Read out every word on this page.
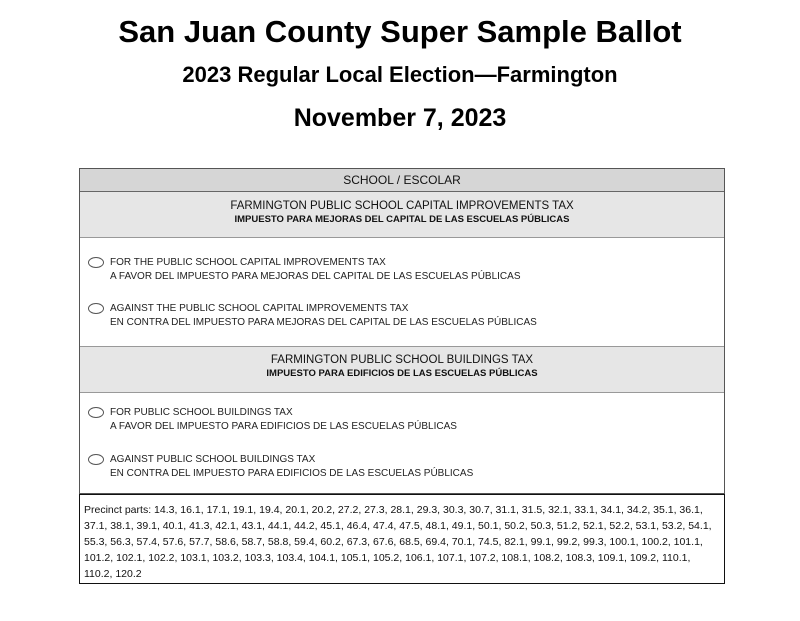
San Juan County Super Sample Ballot
2023 Regular Local Election—Farmington
November 7, 2023
SCHOOL / ESCOLAR
FARMINGTON PUBLIC SCHOOL CAPITAL IMPROVEMENTS TAX
IMPUESTO PARA MEJORAS DEL CAPITAL DE LAS ESCUELAS PÚBLICAS
FOR THE PUBLIC SCHOOL CAPITAL IMPROVEMENTS TAX
A FAVOR DEL IMPUESTO PARA MEJORAS DEL CAPITAL DE LAS ESCUELAS PÚBLICAS
AGAINST THE PUBLIC SCHOOL CAPITAL IMPROVEMENTS TAX
EN CONTRA DEL IMPUESTO PARA MEJORAS DEL CAPITAL DE LAS ESCUELAS PÚBLICAS
FARMINGTON PUBLIC SCHOOL BUILDINGS TAX
IMPUESTO PARA EDIFICIOS DE LAS ESCUELAS PÚBLICAS
FOR PUBLIC SCHOOL BUILDINGS TAX
A FAVOR DEL IMPUESTO PARA EDIFICIOS DE LAS ESCUELAS PÚBLICAS
AGAINST PUBLIC SCHOOL BUILDINGS TAX
EN CONTRA DEL IMPUESTO PARA EDIFICIOS DE LAS ESCUELAS PÚBLICAS
Precinct parts: 14.3, 16.1, 17.1, 19.1, 19.4, 20.1, 20.2, 27.2, 27.3, 28.1, 29.3, 30.3, 30.7, 31.1, 31.5, 32.1, 33.1, 34.1, 34.2, 35.1, 36.1, 37.1, 38.1, 39.1, 40.1, 41.3, 42.1, 43.1, 44.1, 44.2, 45.1, 46.4, 47.4, 47.5, 48.1, 49.1, 50.1, 50.2, 50.3, 51.2, 52.1, 52.2, 53.1, 53.2, 54.1, 55.3, 56.3, 57.4, 57.6, 57.7, 58.6, 58.7, 58.8, 59.4, 60.2, 67.3, 67.6, 68.5, 69.4, 70.1, 74.5, 82.1, 99.1, 99.2, 99.3, 100.1, 100.2, 101.1, 101.2, 102.1, 102.2, 103.1, 103.2, 103.3, 103.4, 104.1, 105.1, 105.2, 106.1, 107.1, 107.2, 108.1, 108.2, 108.3, 109.1, 109.2, 110.1, 110.2, 120.2
